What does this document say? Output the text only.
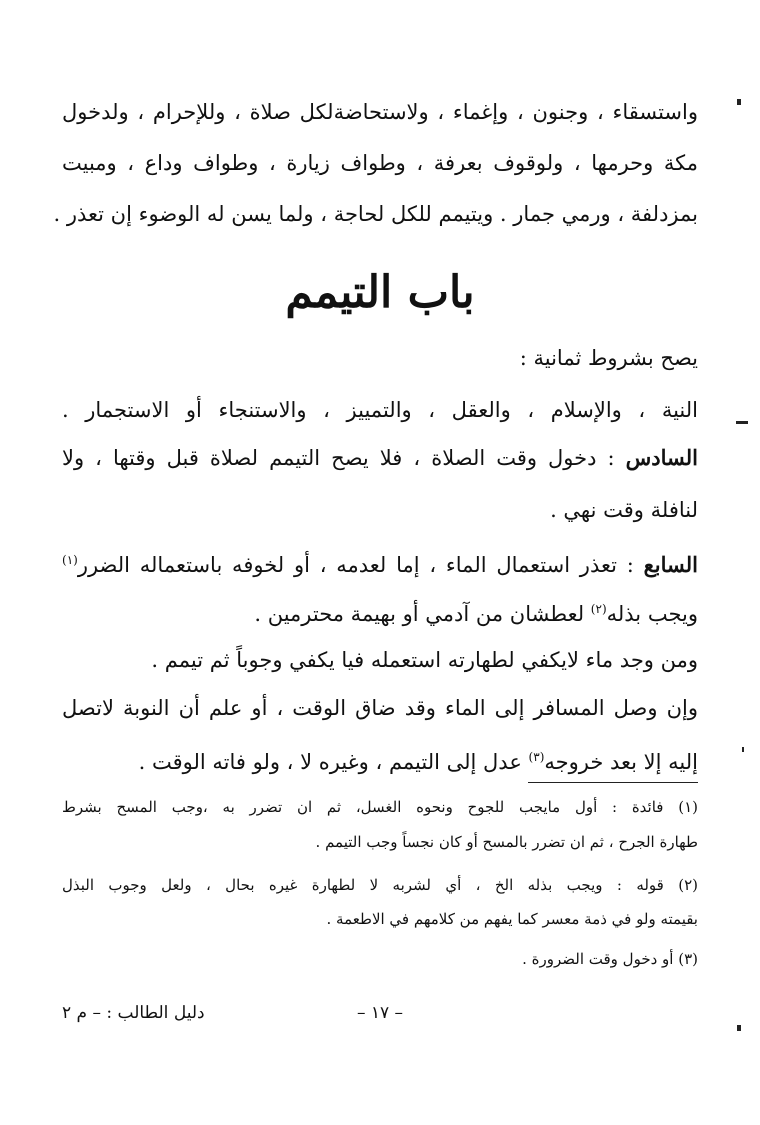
واستسقاء ، وجنون ، وإغماء ، ولاستحاضةلكل صلاة ، وللإحرام ، ولدخول
مكة وحرمها ، ولوقوف بعرفة ، وطواف زيارة ، وطواف وداع ، ومبيت
بمزدلفة ، ورمي جمار . ويتيمم للكل لحاجة ، ولما يسن له الوضوء إن تعذر .
باب التيمم
يصح بشروط ثمانية :
النية ، والإسلام ، والعقل ، والتمييز ، والاستنجاء أو الاستجمار .
السادس : دخول وقت الصلاة ، فلا يصح التيمم لصلاة قبل وقتها ، ولا
لنافلة وقت نهي .
السابع : تعذر استعمال الماء ، إما لعدمه ، أو لخوفه باستعماله الضرر$^{(١)}$
ويجب بذله$^{(٢)}$ لعطشان من آدمي أو بهيمة محترمين .
ومن وجد ماء لايكفي لطهارته استعمله فيا يكفي وجوباً ثم تيمم .
وإن وصل المسافر إلى الماء وقد ضاق الوقت ، أو علم أن النوبة لاتصل
إليه إلا بعد خروجه$^{(٣)}$ عدل إلى التيمم ، وغيره لا ، ولو فاته الوقت .
(١) فائدة : أول مايجب للجوح ونحوه الغسل، ثم ان تضرر به ،وجب المسح بشرط
طهارة الجرح ، ثم ان تضرر بالمسح أو كان نجساً وجب التيمم .
(٢) قوله : ويجب بذله الخ ، أي لشربه لا لطهارة غيره بحال ، ولعل وجوب البذل
بقيمته ولو في ذمة معسر كما يفهم من كلامهم في الاطعمة .
(٣) أو دخول وقت الضرورة .
– ١٧ –
دليل الطالب : – م ٢
